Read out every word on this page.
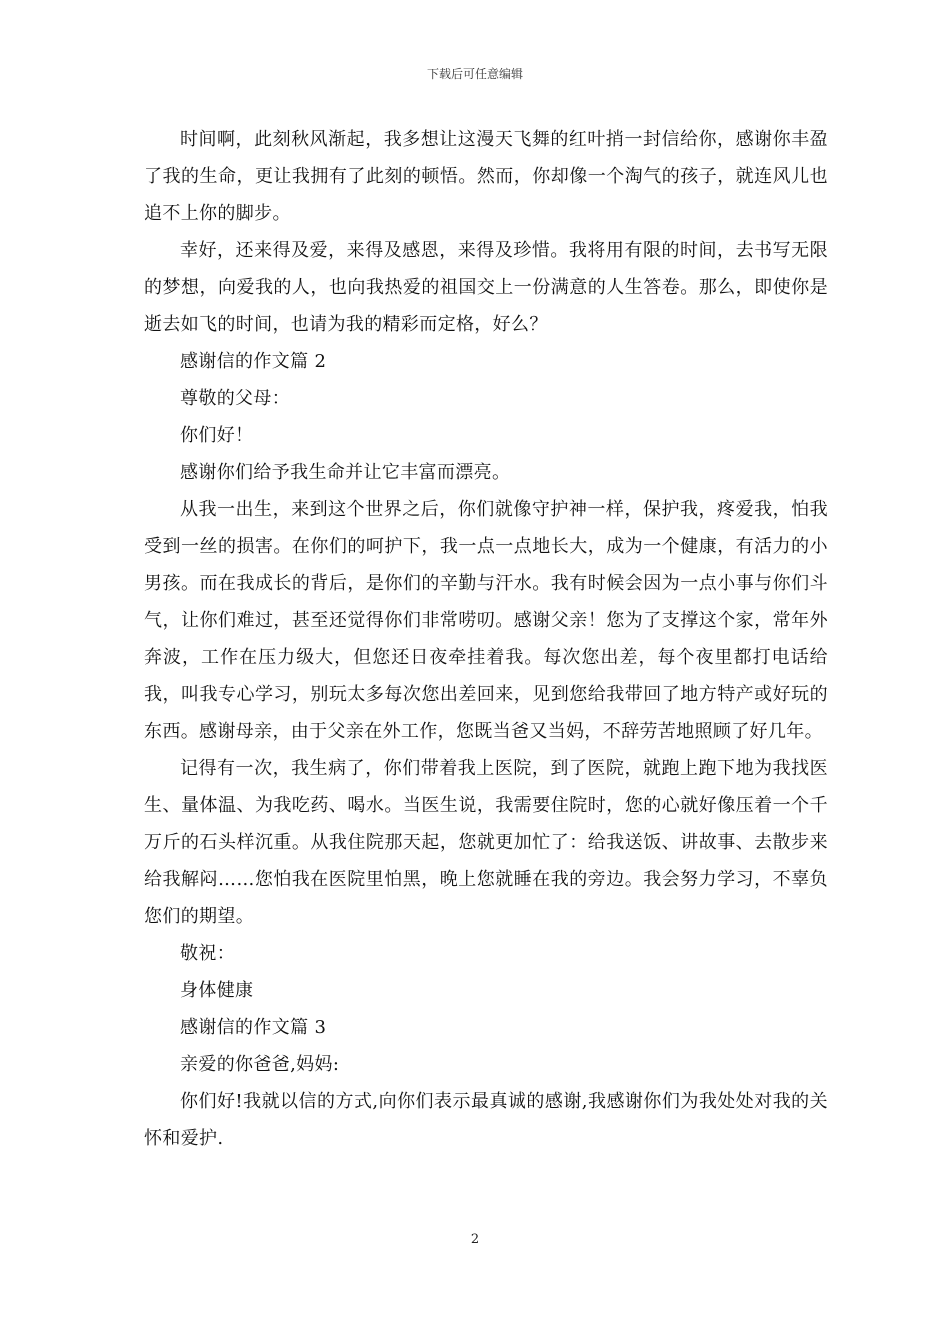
下载后可任意编辑

时间啊，此刻秋风渐起，我多想让这漫天飞舞的红叶捎一封信给你，感谢你丰盈了我的生命，更让我拥有了此刻的顿悟。然而，你却像一个淘气的孩子，就连风儿也追不上你的脚步。

幸好，还来得及爱，来得及感恩，来得及珍惜。我将用有限的时间，去书写无限的梦想，向爱我的人，也向我热爱的祖国交上一份满意的人生答卷。那么，即使你是逝去如飞的时间，也请为我的精彩而定格，好么？

感谢信的作文篇 2

尊敬的父母：

你们好！

感谢你们给予我生命并让它丰富而漂亮。

从我一出生，来到这个世界之后，你们就像守护神一样，保护我，疼爱我，怕我受到一丝的损害。在你们的呵护下，我一点一点地长大，成为一个健康，有活力的小男孩。而在我成长的背后，是你们的辛勤与汗水。我有时候会因为一点小事与你们斗气，让你们难过，甚至还觉得你们非常唠叨。感谢父亲！您为了支撑这个家，常年外奔波，工作在压力级大，但您还日夜牵挂着我。每次您出差，每个夜里都打电话给我，叫我专心学习，别玩太多每次您出差回来，见到您给我带回了地方特产或好玩的东西。感谢母亲，由于父亲在外工作，您既当爸又当妈，不辞劳苦地照顾了好几年。

记得有一次，我生病了，你们带着我上医院，到了医院，就跑上跑下地为我找医生、量体温、为我吃药、喝水。当医生说，我需要住院时，您的心就好像压着一个千万斤的石头样沉重。从我住院那天起，您就更加忙了：给我送饭、讲故事、去散步来给我解闷……您怕我在医院里怕黑，晚上您就睡在我的旁边。我会努力学习，不辜负您们的期望。

敬祝：

身体健康

感谢信的作文篇 3

亲爱的你爸爸,妈妈:

你们好!我就以信的方式,向你们表示最真诚的感谢,我感谢你们为我处处对我的关怀和爱护.

2
